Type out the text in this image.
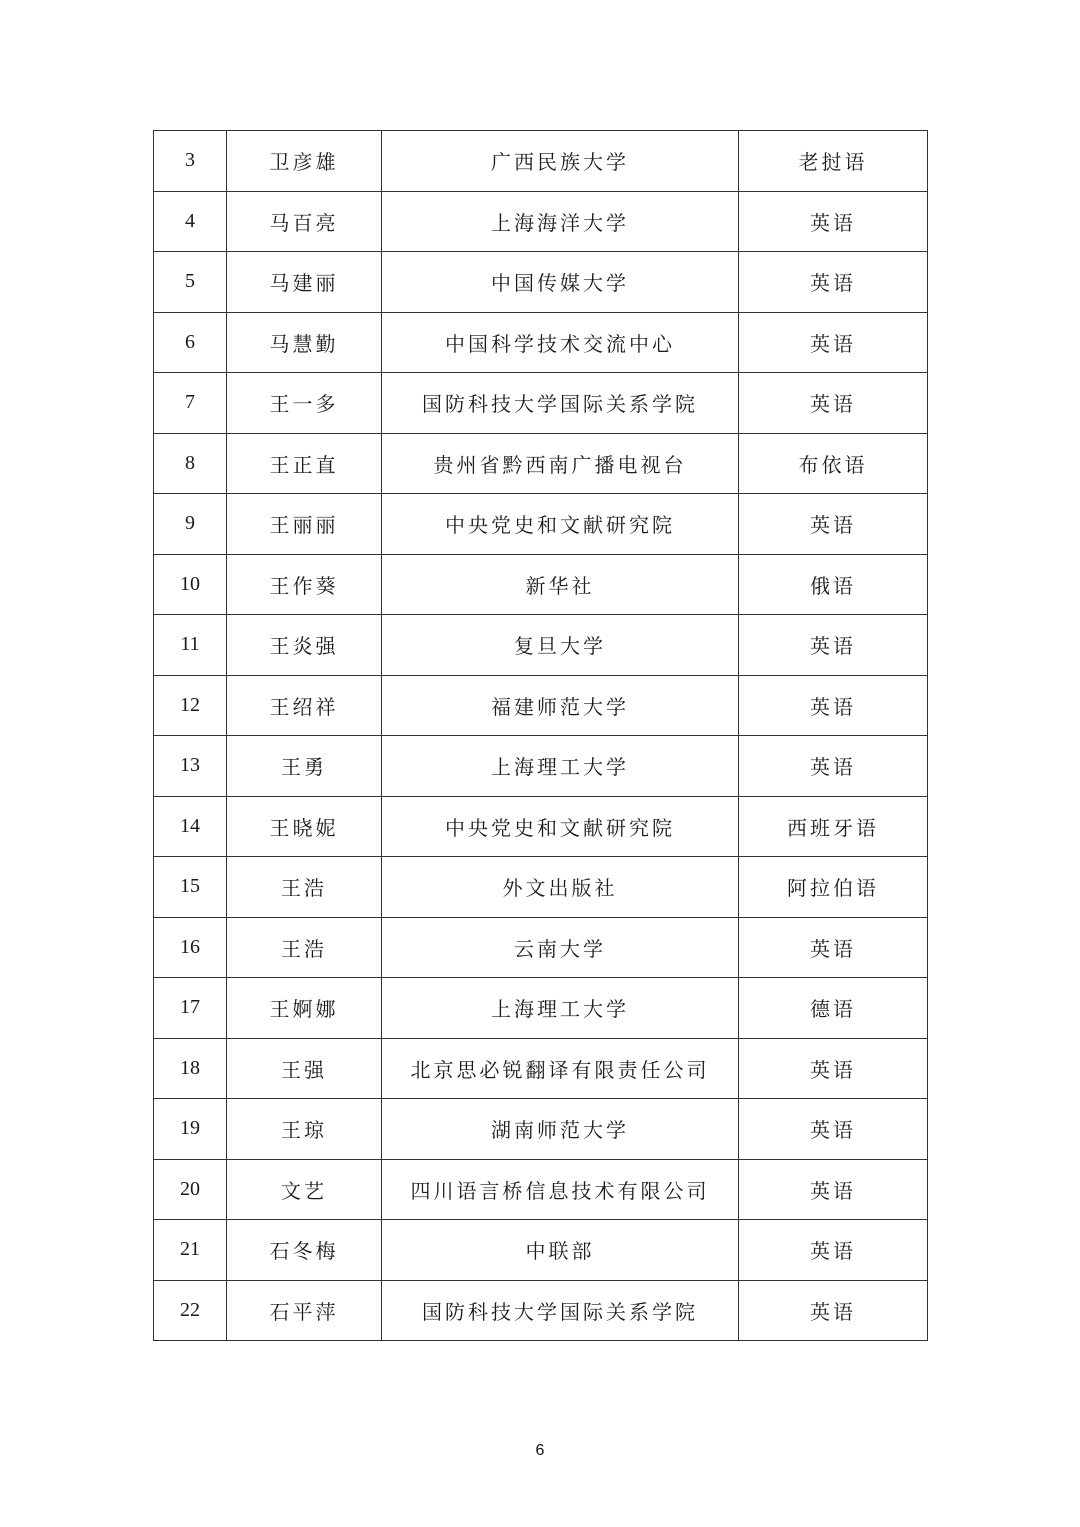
3	卫彦雄	广西民族大学	老挝语
4	马百亮	上海海洋大学	英语
5	马建丽	中国传媒大学	英语
6	马慧勤	中国科学技术交流中心	英语
7	王一多	国防科技大学国际关系学院	英语
8	王正直	贵州省黔西南广播电视台	布依语
9	王丽丽	中央党史和文献研究院	英语
10	王作葵	新华社	俄语
11	王炎强	复旦大学	英语
12	王绍祥	福建师范大学	英语
13	王勇	上海理工大学	英语
14	王晓妮	中央党史和文献研究院	西班牙语
15	王浩	外文出版社	阿拉伯语
16	王浩	云南大学	英语
17	王婀娜	上海理工大学	德语
18	王强	北京思必锐翻译有限责任公司	英语
19	王琼	湖南师范大学	英语
20	文艺	四川语言桥信息技术有限公司	英语
21	石冬梅	中联部	英语
22	石平萍	国防科技大学国际关系学院	英语
6
